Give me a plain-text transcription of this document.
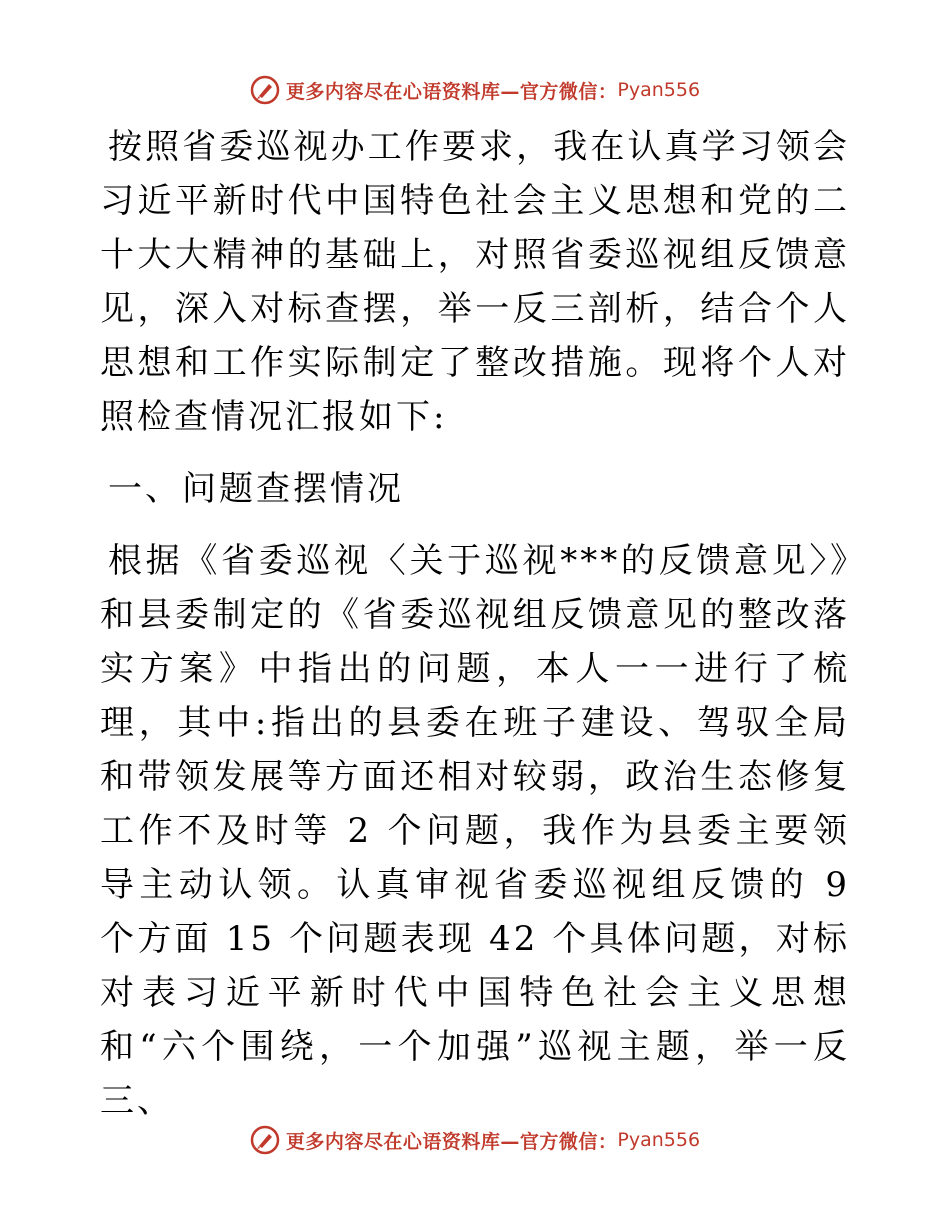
更多内容尽在心语资料库—官方微信： Pyan556

按照省委巡视办工作要求，我在认真学习领会习近平新时代中国特色社会主义思想和党的二十大大精神的基础上，对照省委巡视组反馈意见，深入对标查摆，举一反三剖析，结合个人思想和工作实际制定了整改措施。现将个人对照检查情况汇报如下:

一、问题查摆情况

根据《省委巡视〈关于巡视***的反馈意见〉》和县委制定的《省委巡视组反馈意见的整改落实方案》中指出的问题，本人一一进行了梳理，其中:指出的县委在班子建设、驾驭全局和带领发展等方面还相对较弱，政治生态修复工作不及时等 2 个问题，我作为县委主要领导主动认领。认真审视省委巡视组反馈的 9 个方面 15 个问题表现 42 个具体问题，对标对表习近平新时代中国特色社会主义思想和“六个围绕，一个加强”巡视主题，举一反三、

更多内容尽在心语资料库—官方微信： Pyan556
